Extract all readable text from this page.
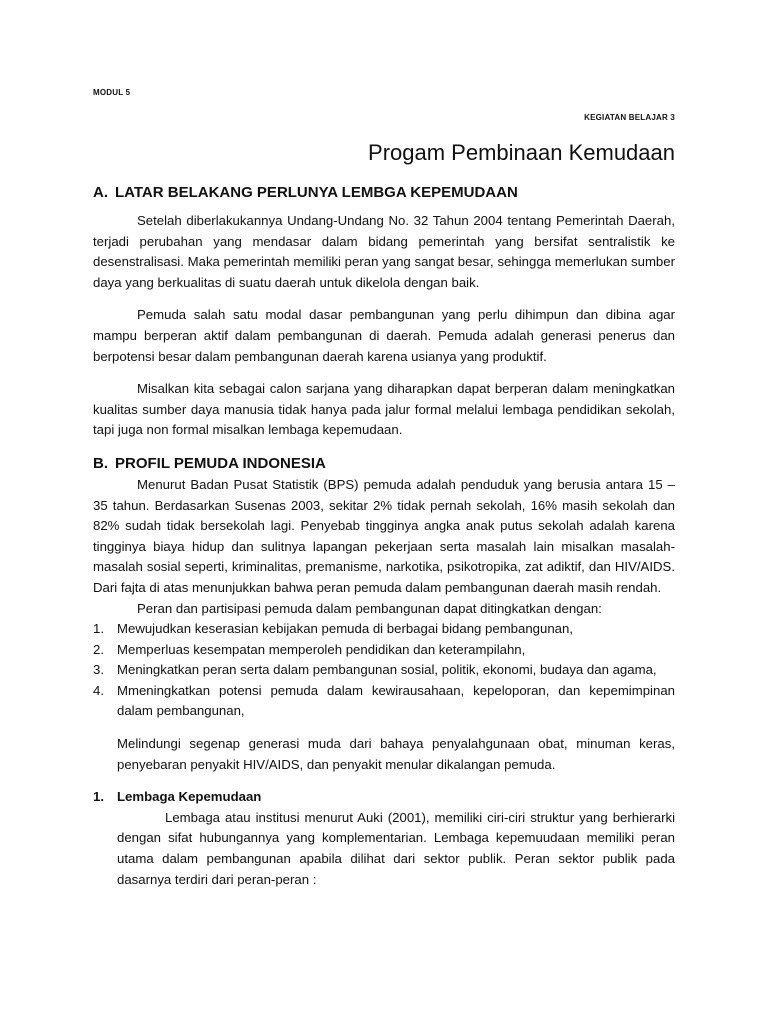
MODUL 5
KEGIATAN BELAJAR 3
Progam Pembinaan Kemudaan
A. LATAR BELAKANG PERLUNYA LEMBGA KEPEMUDAAN

Setelah diberlakukannya Undang-Undang No. 32 Tahun 2004 tentang Pemerintah Daerah, terjadi perubahan yang mendasar dalam bidang pemerintah yang bersifat sentralistik ke desenstralisasi. Maka pemerintah memiliki peran yang sangat besar, sehingga memerlukan sumber daya yang berkualitas di suatu daerah untuk dikelola dengan baik.

Pemuda salah satu modal dasar pembangunan yang perlu dihimpun dan dibina agar mampu berperan aktif dalam pembangunan di daerah. Pemuda adalah generasi penerus dan berpotensi besar dalam pembangunan daerah karena usianya yang produktif.

Misalkan kita sebagai calon sarjana yang diharapkan dapat berperan dalam meningkatkan kualitas sumber daya manusia tidak hanya pada jalur formal melalui lembaga pendidikan sekolah, tapi juga non formal misalkan lembaga kepemudaan.

B. PROFIL PEMUDA INDONESIA

Menurut Badan Pusat Statistik (BPS) pemuda adalah penduduk yang berusia antara 15 – 35 tahun. Berdasarkan Susenas 2003, sekitar 2% tidak pernah sekolah, 16% masih sekolah dan 82% sudah tidak bersekolah lagi. Penyebab tingginya angka anak putus sekolah adalah karena tingginya biaya hidup dan sulitnya lapangan pekerjaan serta masalah lain misalkan masalah-masalah sosial seperti, kriminalitas, premanisme, narkotika, psikotropika, zat adiktif, dan HIV/AIDS. Dari fajta di atas menunjukkan bahwa peran pemuda dalam pembangunan daerah masih rendah.

Peran dan partisipasi pemuda dalam pembangunan dapat ditingkatkan dengan:

1. Mewujudkan keserasian kebijakan pemuda di berbagai bidang pembangunan,
2. Memperluas kesempatan memperoleh pendidikan dan keterampilahn,
3. Meningkatkan peran serta dalam pembangunan sosial, politik, ekonomi, budaya dan agama,
4. Mmeningkatkan potensi pemuda dalam kewirausahaan, kepeloporan, dan kepemimpinan dalam pembangunan,

Melindungi segenap generasi muda dari bahaya penyalahgunaan obat, minuman keras, penyebaran penyakit HIV/AIDS, dan penyakit menular dikalangan pemuda.

1. Lembaga Kepemudaan

Lembaga atau institusi menurut Auki (2001), memiliki ciri-ciri struktur yang berhierarki dengan sifat hubungannya yang komplementarian. Lembaga kepemuudaan memiliki peran utama dalam pembangunan apabila dilihat dari sektor publik. Peran sektor publik pada dasarnya terdiri dari peran-peran :
